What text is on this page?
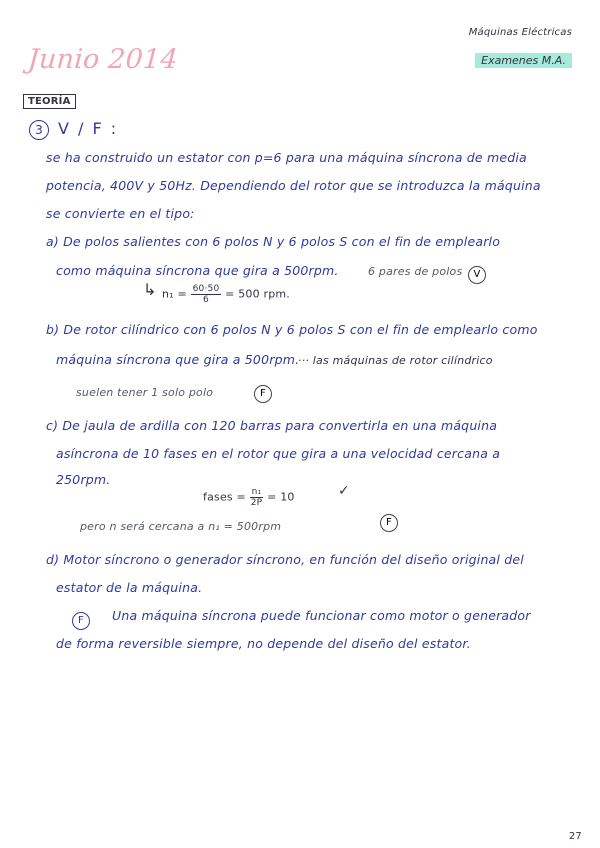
Junio 2014
Máquinas Eléctricas
Examenes M.A.
TEORÍA
3 V / F :
se ha construido un estator con p=6 para una máquina síncrona de media
potencia, 400V y 50Hz. Dependiendo del rotor que se introduzca la máquina
se convierte en el tipo:
a) De polos salientes con 6 polos N y 6 polos S con el fin de emplearlo
como máquina síncrona que gira a 500rpm.	6 pares de polos	V
↳ $n_1 = \frac{60\cdot 50}{6} = 500$ rpm.
b) De rotor cilíndrico con 6 polos N y 6 polos S con el fin de emplearlo como
máquina síncrona que gira a 500rpm.
··· las máquinas de rotor cilíndrico
suelen tener 1 solo polo	F
c) De jaula de ardilla con 120 barras para convertirla en una máquina
asíncrona de 10 fases en el rotor que gira a una velocidad cercana a
250rpm.
fases = $\frac{\text{n₁}}{2P} = 10$	✓
pero n será cercana a n₁ = 500rpm	F
d) Motor síncrono o generador síncrono, en función del diseño original del
estator de la máquina.
F	Una máquina síncrona puede funcionar como motor o generador
de forma reversible siempre, no depende del diseño del estator.
27
